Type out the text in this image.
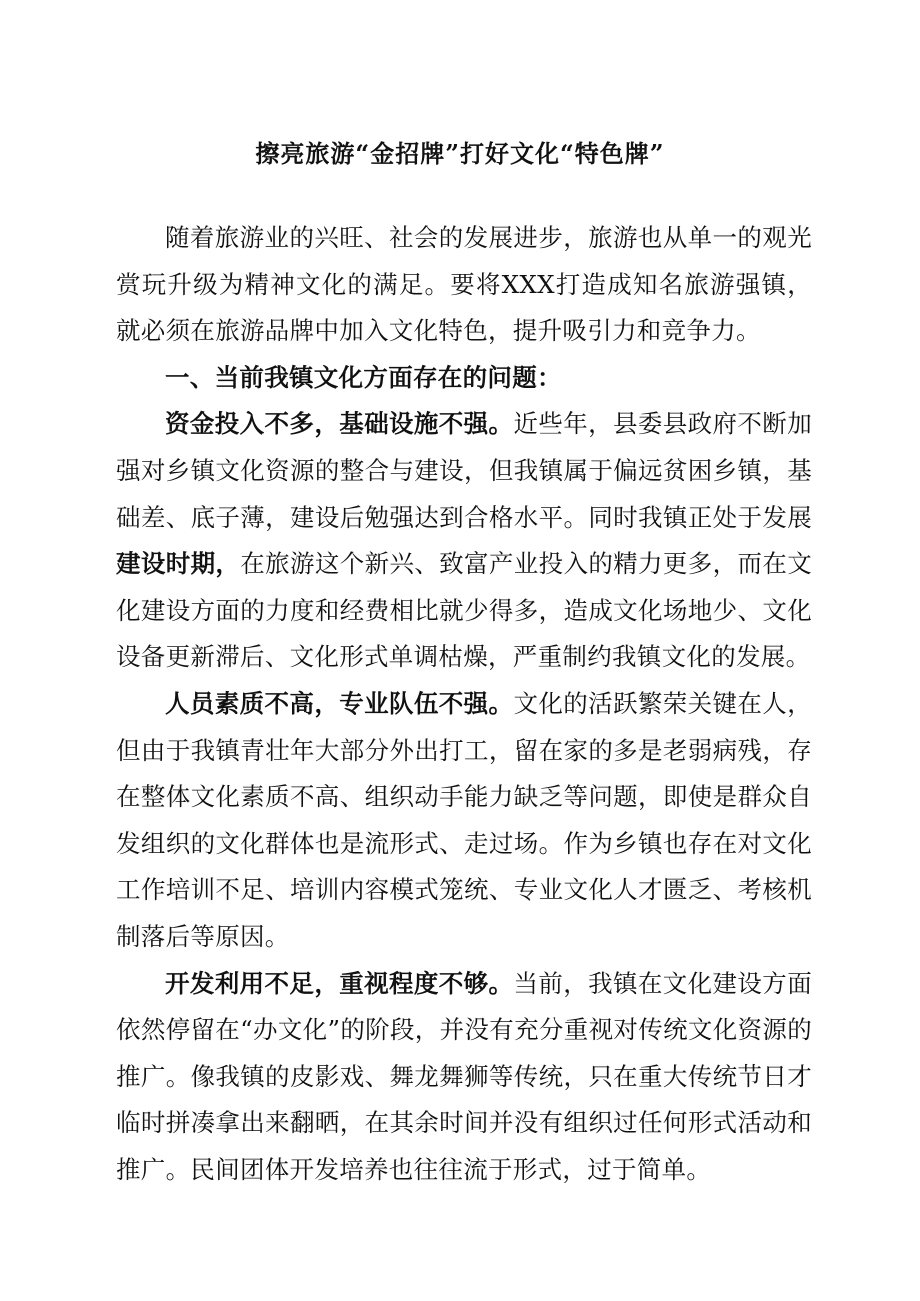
擦亮旅游“金招牌”打好文化“特色牌”

随着旅游业的兴旺、社会的发展进步，旅游也从单一的观光赏玩升级为精神文化的满足。要将XXX打造成知名旅游强镇，就必须在旅游品牌中加入文化特色，提升吸引力和竞争力。

一、当前我镇文化方面存在的问题：

资金投入不多，基础设施不强。近些年，县委县政府不断加强对乡镇文化资源的整合与建设，但我镇属于偏远贫困乡镇，基础差、底子薄，建设后勉强达到合格水平。同时我镇正处于发展建设时期，在旅游这个新兴、致富产业投入的精力更多，而在文化建设方面的力度和经费相比就少得多，造成文化场地少、文化设备更新滞后、文化形式单调枯燥，严重制约我镇文化的发展。

人员素质不高，专业队伍不强。文化的活跃繁荣关键在人，但由于我镇青壮年大部分外出打工，留在家的多是老弱病残，存在整体文化素质不高、组织动手能力缺乏等问题，即使是群众自发组织的文化群体也是流形式、走过场。作为乡镇也存在对文化工作培训不足、培训内容模式笼统、专业文化人才匮乏、考核机制落后等原因。

开发利用不足，重视程度不够。当前，我镇在文化建设方面依然停留在“办文化”的阶段，并没有充分重视对传统文化资源的推广。像我镇的皮影戏、舞龙舞狮等传统，只在重大传统节日才临时拼凑拿出来翻晒，在其余时间并没有组织过任何形式活动和推广。民间团体开发培养也往往流于形式，过于简单。
